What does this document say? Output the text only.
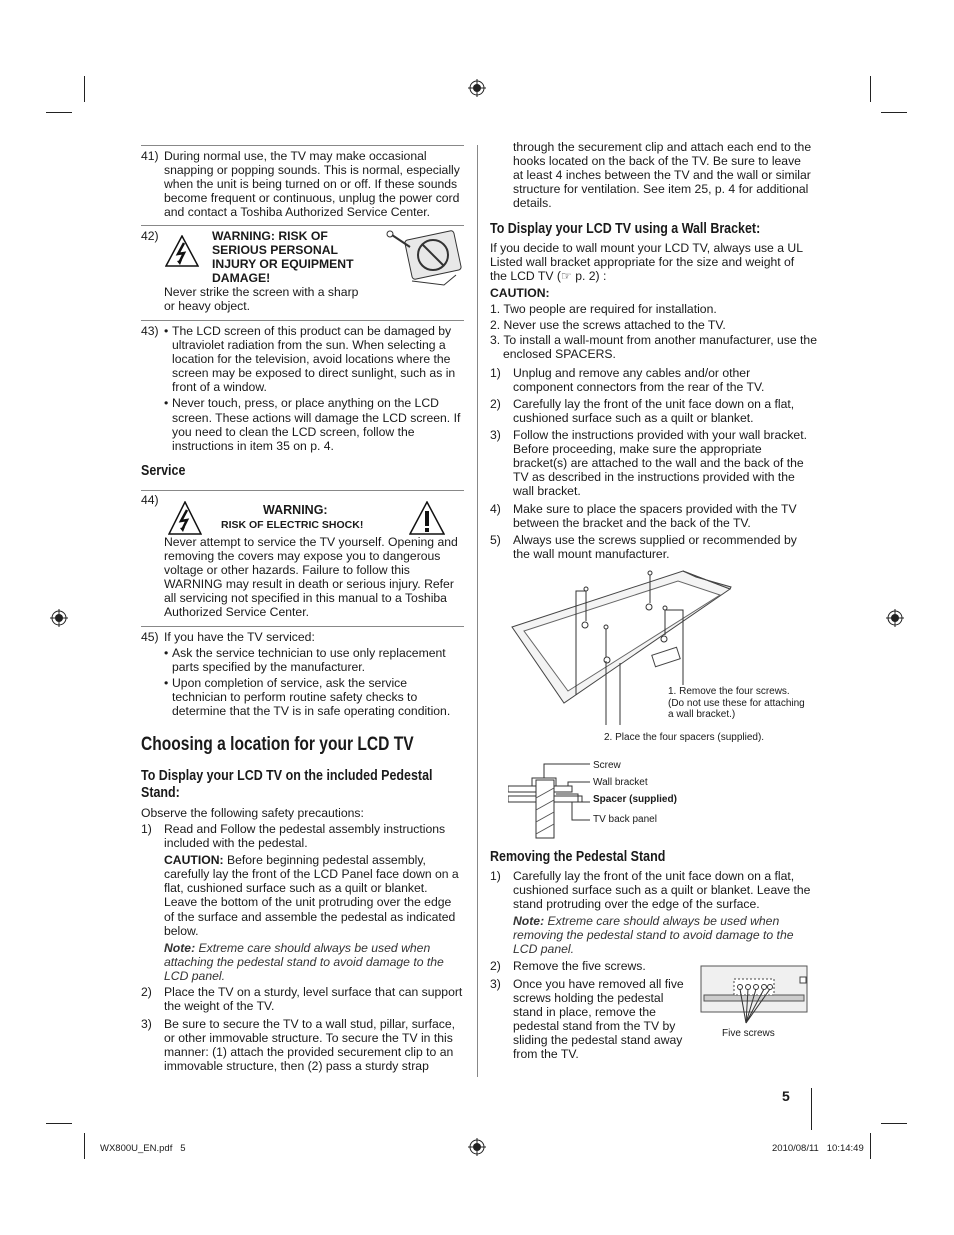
41) During normal use, the TV may make occasional snapping or popping sounds. This is normal, especially when the unit is being turned on or off. If these sounds become frequent or continuous, unplug the power cord and contact a Toshiba Authorized Service Center.
42)	WARNING: RISK OF SERIOUS PERSONAL INJURY OR EQUIPMENT DAMAGE!
Never strike the screen with a sharp or heavy object.
43) • The LCD screen of this product can be damaged by ultraviolet radiation from the sun. When selecting a location for the television, avoid locations where the screen may be exposed to direct sunlight, such as in front of a window.
• Never touch, press, or place anything on the LCD screen. These actions will damage the LCD screen. If you need to clean the LCD screen, follow the instructions in item 35 on p. 4.
Service
44)
WARNING:
RISK OF ELECTRIC SHOCK!
Never attempt to service the TV yourself. Opening and removing the covers may expose you to dangerous voltage or other hazards. Failure to follow this WARNING may result in death or serious injury. Refer all servicing not specified in this manual to a Toshiba Authorized Service Center.
45) If you have the TV serviced:
• Ask the service technician to use only replacement parts specified by the manufacturer.
• Upon completion of service, ask the service technician to perform routine safety checks to determine that the TV is in safe operating condition.
Choosing a location for your LCD TV
To Display your LCD TV on the included Pedestal Stand:
Observe the following safety precautions:
1) Read and Follow the pedestal assembly instructions included with the pedestal.
CAUTION: Before beginning pedestal assembly, carefully lay the front of the LCD Panel face down on a flat, cushioned surface such as a quilt or blanket. Leave the bottom of the unit protruding over the edge of the surface and assemble the pedestal as indicated below.
Note: Extreme care should always be used when attaching the pedestal stand to avoid damage to the LCD panel.
2) Place the TV on a sturdy, level surface that can support the weight of the TV.
3) Be sure to secure the TV to a wall stud, pillar, surface, or other immovable structure. To secure the TV in this manner: (1) attach the provided securement clip to an immovable structure, then (2) pass a sturdy strap
through the securement clip and attach each end to the hooks located on the back of the TV. Be sure to leave at least 4 inches between the TV and the wall or similar structure for ventilation. See item 25, p. 4 for additional details.
To Display your LCD TV using a Wall Bracket:
If you decide to wall mount your LCD TV, always use a UL Listed wall bracket appropriate for the size and weight of the LCD TV (☞ p. 2) :
CAUTION:
1. Two people are required for installation.
2. Never use the screws attached to the TV.
3. To install a wall-mount from another manufacturer, use the enclosed SPACERS.
1) Unplug and remove any cables and/or other component connectors from the rear of the TV.
2) Carefully lay the front of the unit face down on a flat, cushioned surface such as a quilt or blanket.
3) Follow the instructions provided with your wall bracket. Before proceeding, make sure the appropriate bracket(s) are attached to the wall and the back of the TV as described in the instructions provided with the wall bracket.
4) Make sure to place the spacers provided with the TV between the bracket and the back of the TV.
5) Always use the screws supplied or recommended by the wall mount manufacturer.
1. Remove the four screws.
(Do not use these for attaching
a wall bracket.)
2. Place the four spacers (supplied).
Screw
Wall bracket
Spacer (supplied)
TV back panel
Removing the Pedestal Stand
1) Carefully lay the front of the unit face down on a flat, cushioned surface such as a quilt or blanket. Leave the stand protruding over the edge of the surface.
Note: Extreme care should always be used when removing the pedestal stand to avoid damage to the LCD panel.
2) Remove the five screws.
3) Once you have removed all five screws holding the pedestal stand in place, remove the pedestal stand from the TV by sliding the pedestal stand away from the TV.
Five screws
5
WX800U_EN.pdf   5	2010/08/11   10:14:49
